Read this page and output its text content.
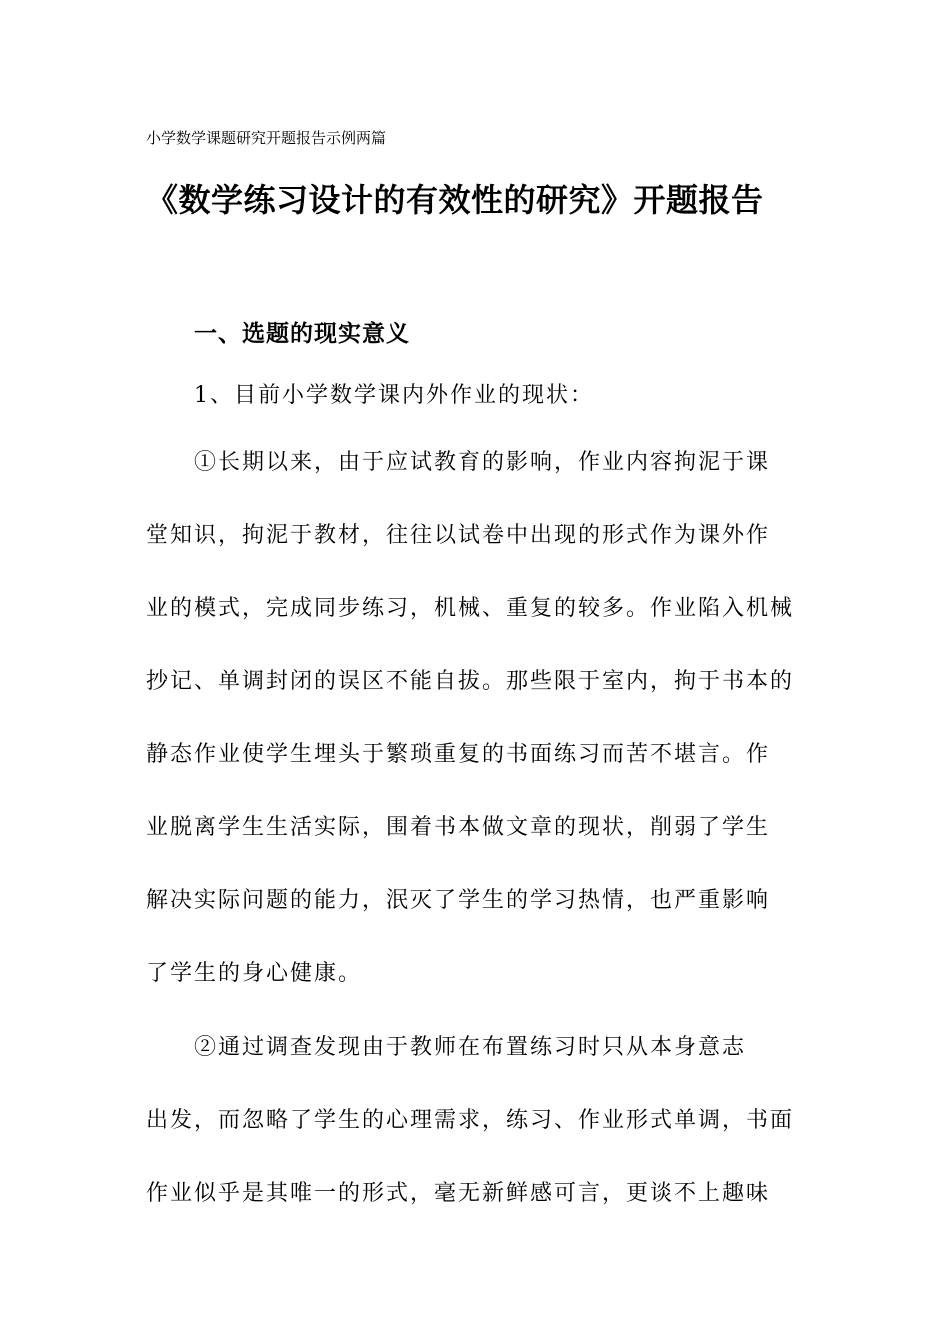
小学数学课题研究开题报告示例两篇
《数学练习设计的有效性的研究》开题报告
一、选题的现实意义
1、目前小学数学课内外作业的现状：
①长期以来，由于应试教育的影响，作业内容拘泥于课
堂知识，拘泥于教材，往往以试卷中出现的形式作为课外作
业的模式，完成同步练习，机械、重复的较多。作业陷入机械
抄记、单调封闭的误区不能自拔。那些限于室内，拘于书本的
静态作业使学生埋头于繁琐重复的书面练习而苦不堪言。作
业脱离学生生活实际，围着书本做文章的现状，削弱了学生
解决实际问题的能力，泯灭了学生的学习热情，也严重影响
了学生的身心健康。
②通过调查发现由于教师在布置练习时只从本身意志
出发，而忽略了学生的心理需求，练习、作业形式单调，书面
作业似乎是其唯一的形式，毫无新鲜感可言，更谈不上趣味
